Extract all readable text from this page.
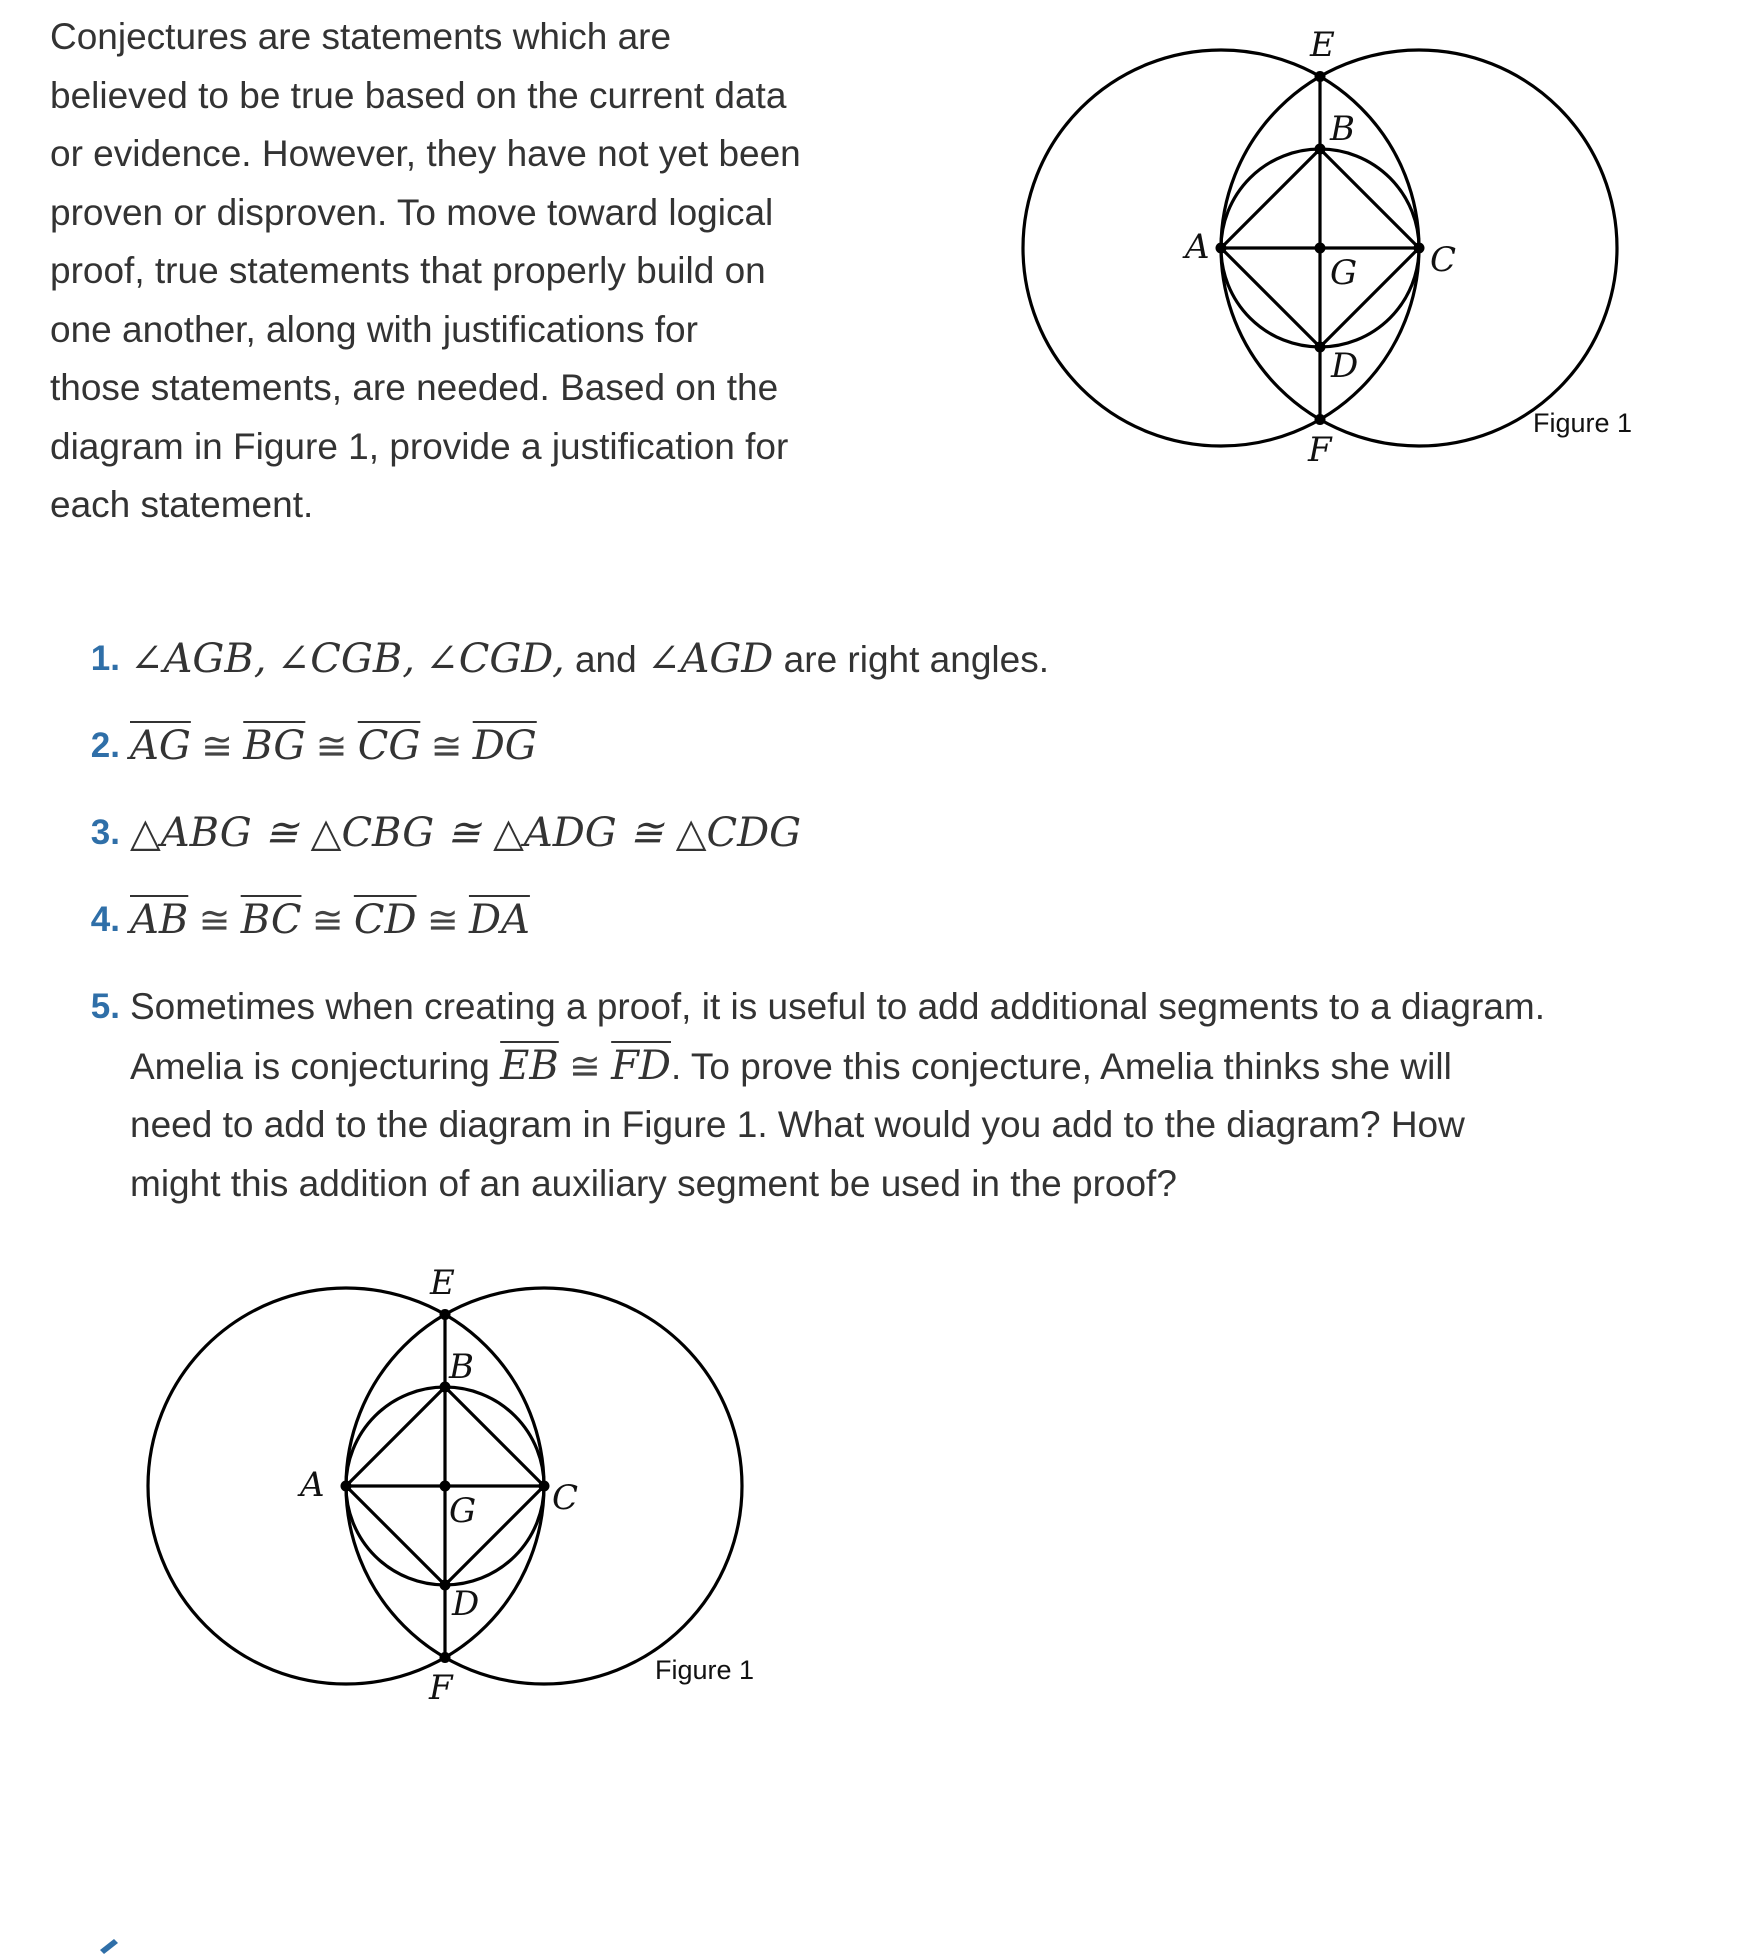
Conjectures are statements which are
believed to be true based on the current data
or evidence. However, they have not yet been
proven or disproven. To move toward logical
proof, true statements that properly build on
one another, along with justifications for
those statements, are needed. Based on the
diagram in Figure 1, provide a justification for
each statement.
E
B
A
G C
D
F
Figure 1
1. ∠AGB, ∠CGB, ∠CGD, and ∠AGD are right angles.
2. $\overline{AG}$ ≅ $\overline{BG}$ ≅ $\overline{CG}$ ≅ $\overline{DG}$
3. △ABG ≅ △CBG ≅ △ADG ≅ △CDG
4. $\overline{AB}$ ≅ $\overline{BC}$ ≅ $\overline{CD}$ ≅ $\overline{DA}$
5. Sometimes when creating a proof, it is useful to add additional segments to a diagram.
Amelia is conjecturing $\overline{EB}$ ≅ $\overline{FD}$. To prove this conjecture, Amelia thinks she will
need to add to the diagram in Figure 1. What would you add to the diagram? How
might this addition of an auxiliary segment be used in the proof?
E
B
A
G C
D
F	Figure 1
